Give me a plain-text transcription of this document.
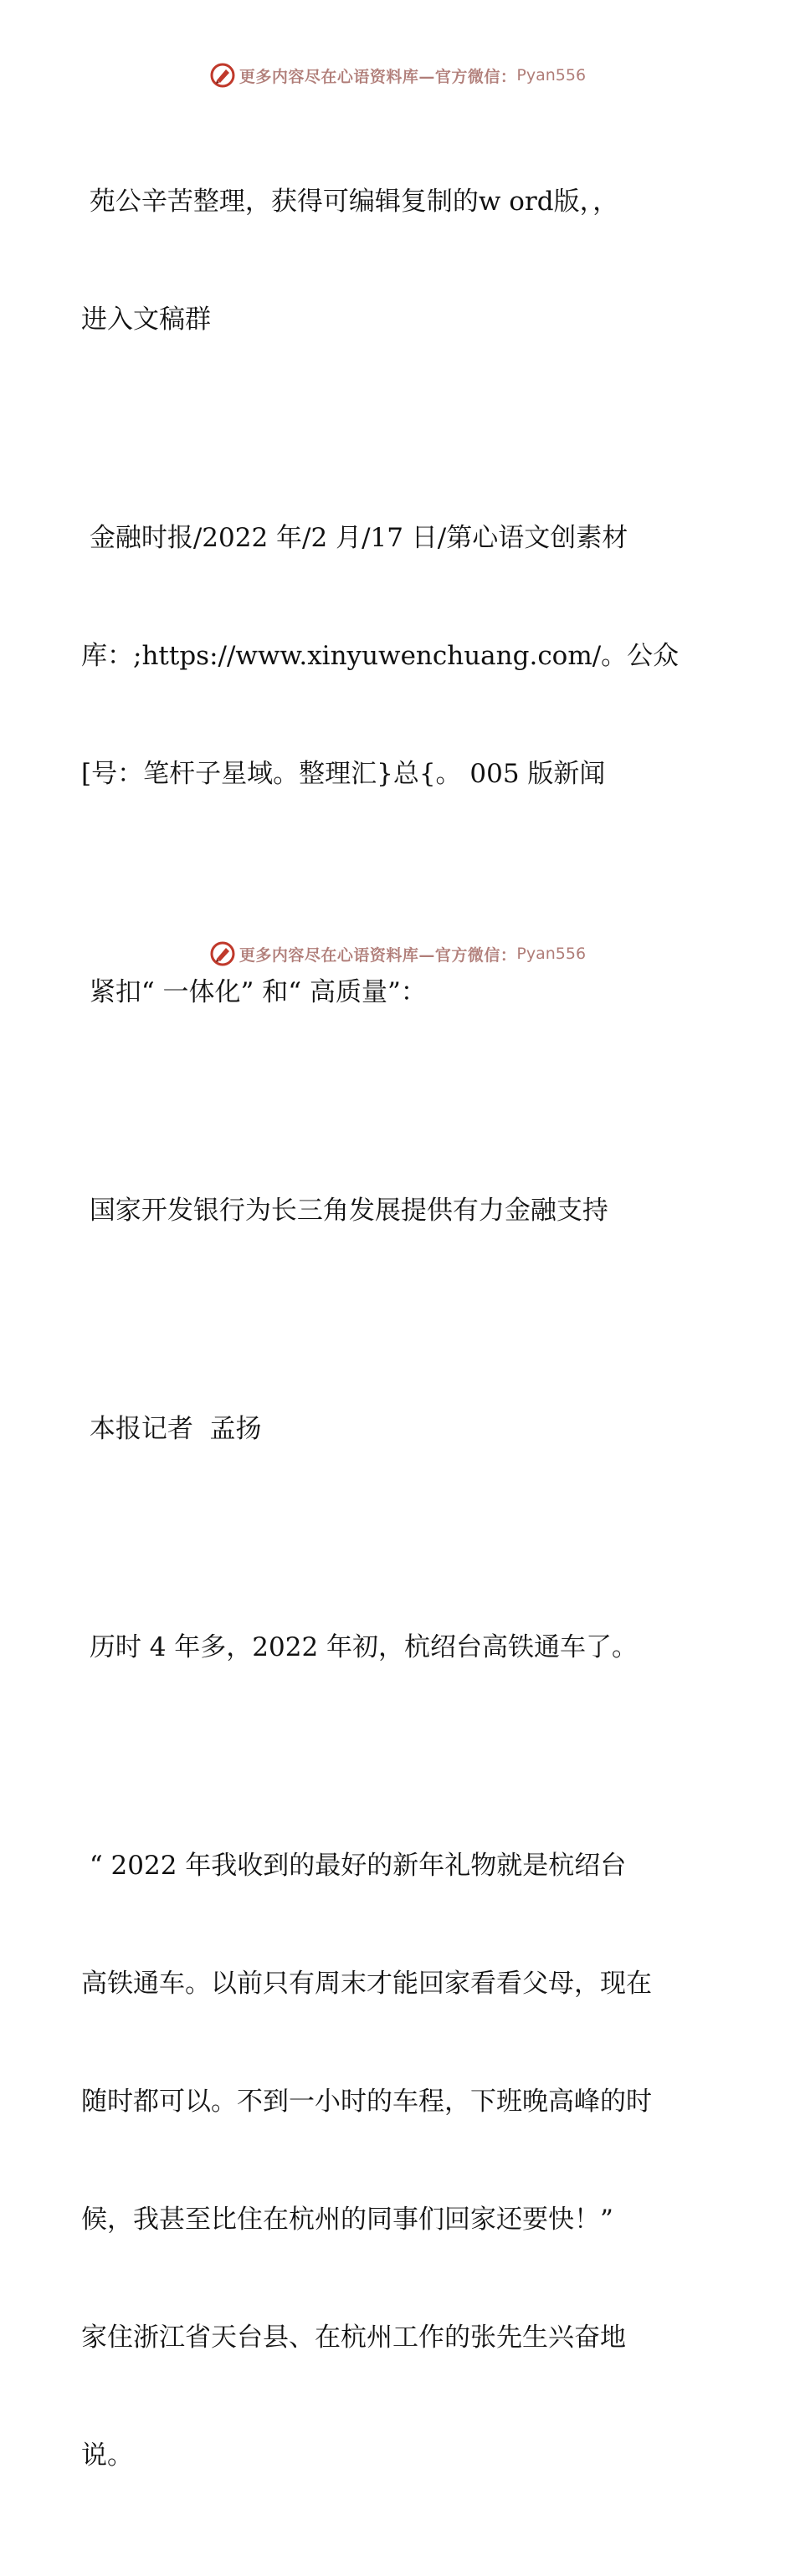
更多内容尽在心语资料库—官方微信： Pyan556

苑公辛苦整理，获得可编辑复制的w ord版，，

进入文稿群

金融时报/2022 年/2 月/17 日/第心语文创素材

库：;https://www.xinyuwenchuang.com/。公众

[号：笔杆子星域。整理汇}总{。 005 版新闻

紧扣“ 一体化” 和“ 高质量”：

国家开发银行为长三角发展提供有力金融支持

本报记者  孟扬

历时 4 年多，2022 年初，杭绍台高铁通车了。

“ 2022 年我收到的最好的新年礼物就是杭绍台

高铁通车。以前只有周末才能回家看看父母，现在

随时都可以。不到一小时的车程，下班晚高峰的时

候，我甚至比住在杭州的同事们回家还要快！”

家住浙江省天台县、在杭州工作的张先生兴奋地

说。

更多内容尽在心语资料库—官方微信： Pyan556
